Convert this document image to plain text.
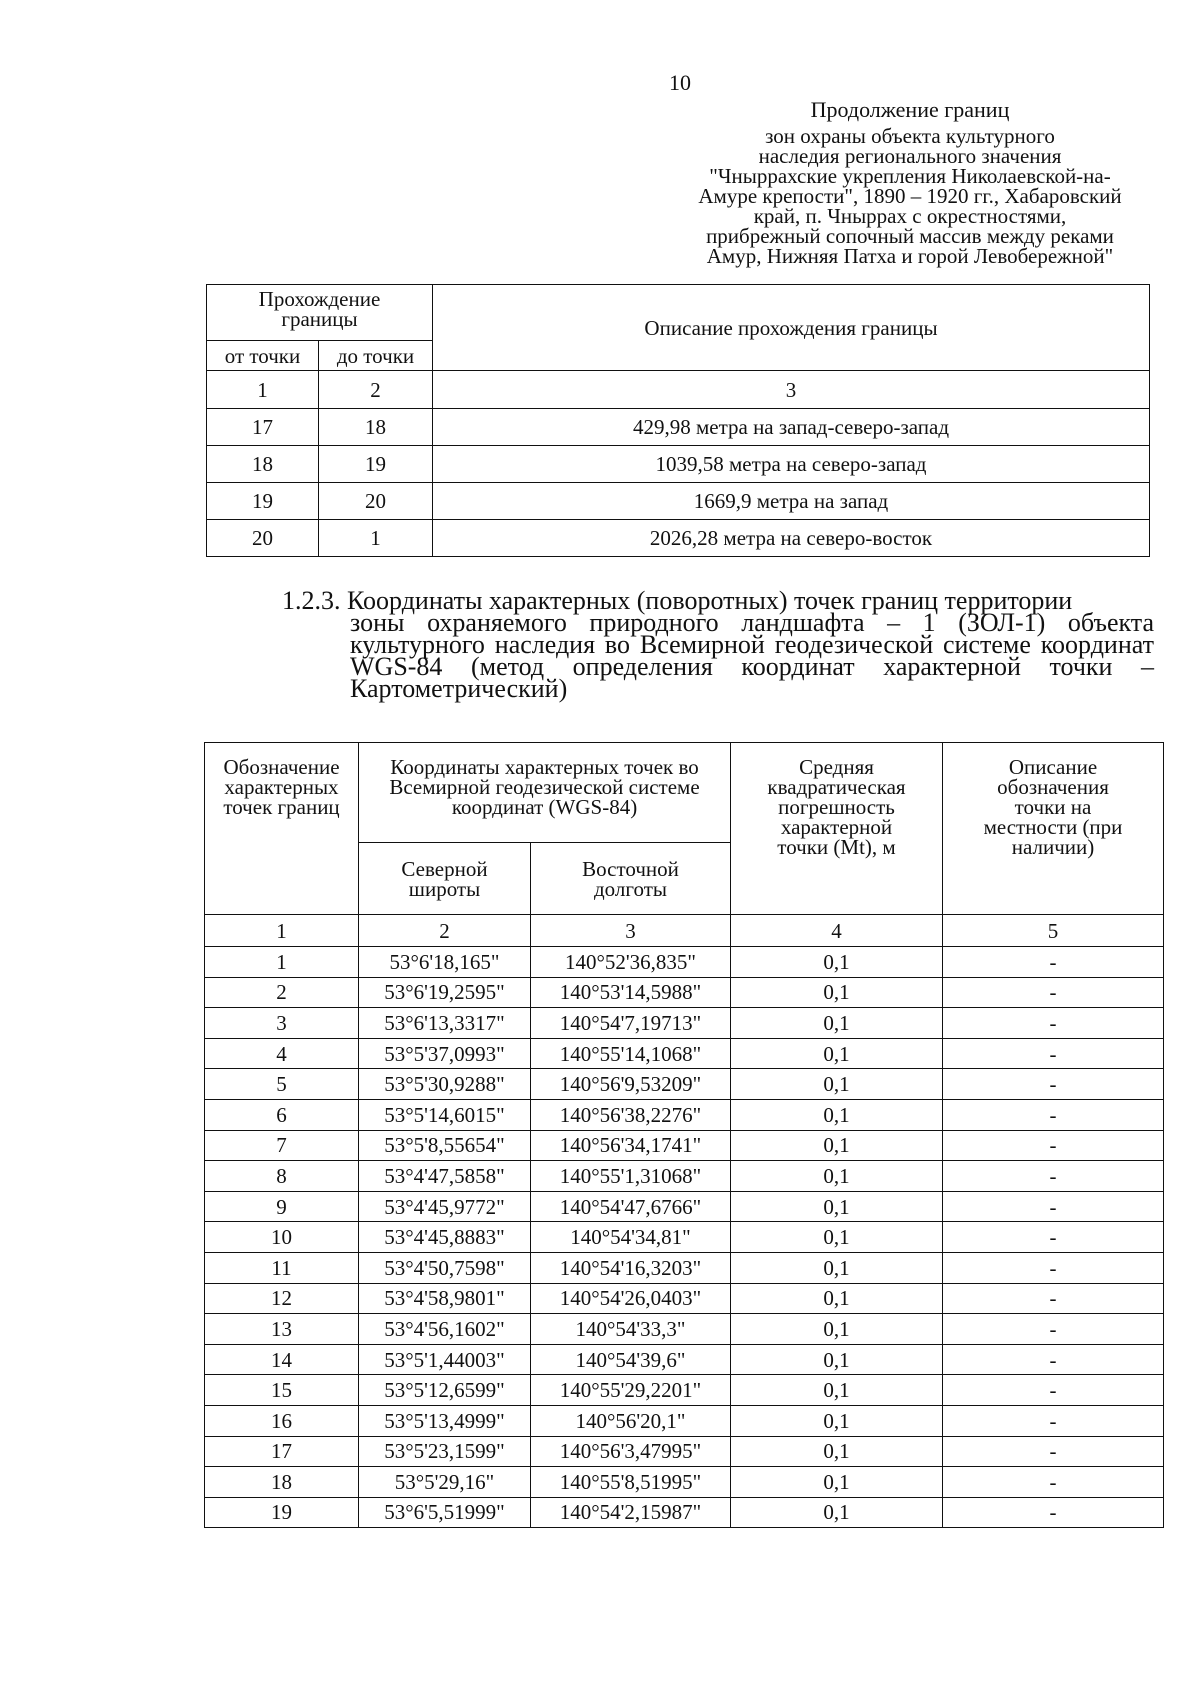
10
Продолжение границ
зон охраны объекта культурного
наследия регионального значения
"Чныррахские укрепления Николаевской-на-
Амуре крепости", 1890 – 1920 гг., Хабаровский
край, п. Чныррах с окрестностями,
прибрежный сопочный массив между реками
Амур, Нижняя Патха и горой Левобережной"
Прохождение границы		Описание прохождения границы
от точки	до точки	
1	2	3
17	18	429,98 метра на запад-северо-запад
18	19	1039,58 метра на северо-запад
19	20	1669,9 метра на запад
20	1	2026,28 метра на северо-восток
1.2.3. Координаты характерных (поворотных) точек границ территории
зоны охраняемого природного ландшафта – 1 (ЗОЛ-1) объекта культурного наследия во Всемирной геодезической системе координат WGS-84 (метод определения координат характерной точки – Картометрический)
Обозначение характерных точек границ	Координаты характерных точек во Всемирной геодезической системе координат (WGS-84)		Средняя квадратическая погрешность характерной точки (Mt), м	Описание обозначения точки на местности (при наличии)
	Северной широты	Восточной долготы		
1	2	3	4	5
1	53°6'18,165"	140°52'36,835"	0,1	-
2	53°6'19,2595"	140°53'14,5988"	0,1	-
3	53°6'13,3317"	140°54'7,19713"	0,1	-
4	53°5'37,0993"	140°55'14,1068"	0,1	-
5	53°5'30,9288"	140°56'9,53209"	0,1	-
6	53°5'14,6015"	140°56'38,2276"	0,1	-
7	53°5'8,55654"	140°56'34,1741"	0,1	-
8	53°4'47,5858"	140°55'1,31068"	0,1	-
9	53°4'45,9772"	140°54'47,6766"	0,1	-
10	53°4'45,8883"	140°54'34,81"	0,1	-
11	53°4'50,7598"	140°54'16,3203"	0,1	-
12	53°4'58,9801"	140°54'26,0403"	0,1	-
13	53°4'56,1602"	140°54'33,3"	0,1	-
14	53°5'1,44003"	140°54'39,6"	0,1	-
15	53°5'12,6599"	140°55'29,2201"	0,1	-
16	53°5'13,4999"	140°56'20,1"	0,1	-
17	53°5'23,1599"	140°56'3,47995"	0,1	-
18	53°5'29,16"	140°55'8,51995"	0,1	-
19	53°6'5,51999"	140°54'2,15987"	0,1	-
